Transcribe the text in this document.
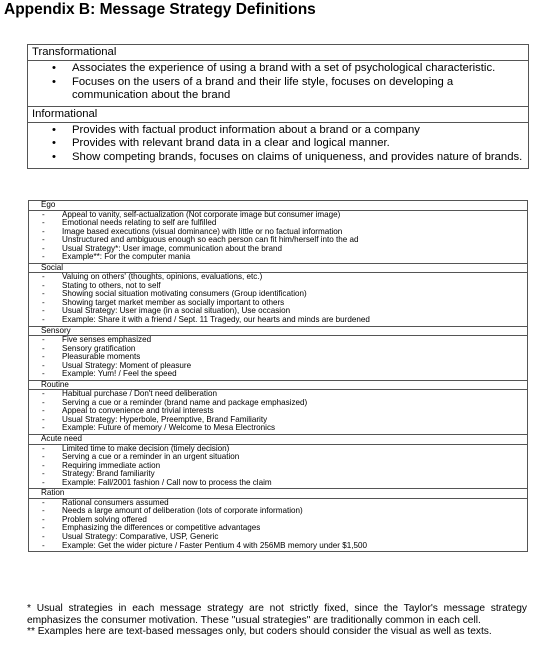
Appendix B: Message Strategy Definitions
Transformational
• Associates the experience of using a brand with a set of psychological characteristic.
• Focuses on the users of a brand and their life style, focuses on developing a communication about the brand
Informational
• Provides with factual product information about a brand or a company
• Provides with relevant brand data in a clear and logical manner.
• Show competing brands, focuses on claims of uniqueness, and provides nature of brands.
Ego
- Appeal to vanity, self-actualization (Not corporate image but consumer image)
- Emotional needs relating to self are fulfilled
- Image based executions (visual dominance) with little or no factual information
- Unstructured and ambiguous enough so each person can fit him/herself into the ad
- Usual Strategy*: User image, communication about the brand
- Example**: For the computer mania
Social
- Valuing on others' (thoughts, opinions, evaluations, etc.)
- Stating to others, not to self
- Showing social situation motivating consumers (Group identification)
- Showing target market member as socially important to others
- Usual Strategy: User image (in a social situation), Use occasion
- Example: Share it with a friend / Sept. 11 Tragedy, our hearts and minds are burdened
Sensory
- Five senses emphasized
- Sensory gratification
- Pleasurable moments
- Usual Strategy: Moment of pleasure
- Example: Yum! / Feel the speed
Routine
- Habitual purchase / Don't need deliberation
- Serving a cue or a reminder (brand name and package emphasized)
- Appeal to convenience and trivial interests
- Usual Strategy: Hyperbole, Preemptive, Brand Familiarity
- Example: Future of memory / Welcome to Mesa Electronics
Acute need
- Limited time to make decision (timely decision)
- Serving a cue or a reminder in an urgent situation
- Requiring immediate action
- Strategy: Brand familiarity
- Example: Fall/2001 fashion / Call now to process the claim
Ration
- Rational consumers assumed
- Needs a large amount of deliberation (lots of corporate information)
- Problem solving offered
- Emphasizing the differences or competitive advantages
- Usual Strategy: Comparative, USP, Generic
- Example: Get the wider picture / Faster Pentium 4 with 256MB memory under $1,500

* Usual strategies in each message strategy are not strictly fixed, since the Taylor's message strategy emphasizes the consumer motivation. These "usual strategies" are traditionally common in each cell.

** Examples here are text-based messages only, but coders should consider the visual as well as texts.
